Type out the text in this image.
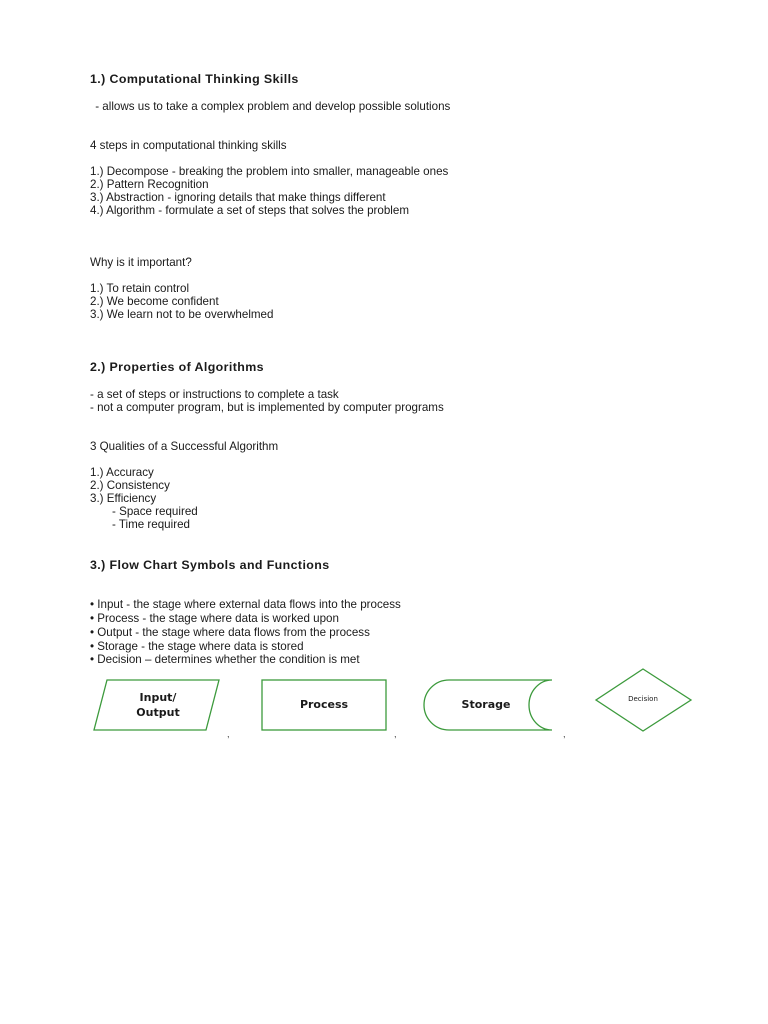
1.) Computational Thinking Skills
- allows us to take a complex problem and develop possible solutions
4 steps in computational thinking skills
1.) Decompose - breaking the problem into smaller, manageable ones
2.) Pattern Recognition
3.) Abstraction - ignoring details that make things different
4.) Algorithm - formulate a set of steps that solves the problem
Why is it important?
1.) To retain control
2.) We become confident
3.) We learn not to be overwhelmed
2.) Properties of Algorithms
- a set of steps or instructions to complete a task
- not a computer program, but is implemented by computer programs
3 Qualities of a Successful Algorithm
1.) Accuracy
2.) Consistency
3.) Efficiency
- Space required
- Time required
3.) Flow Chart Symbols and Functions
• Input - the stage where external data flows into the process
• Process - the stage where data is worked upon
• Output - the stage where data flows from the process
• Storage - the stage where data is stored
• Decision – determines whether the condition is met
Input/
Output
Process	Storage	Decision
,	,	,
